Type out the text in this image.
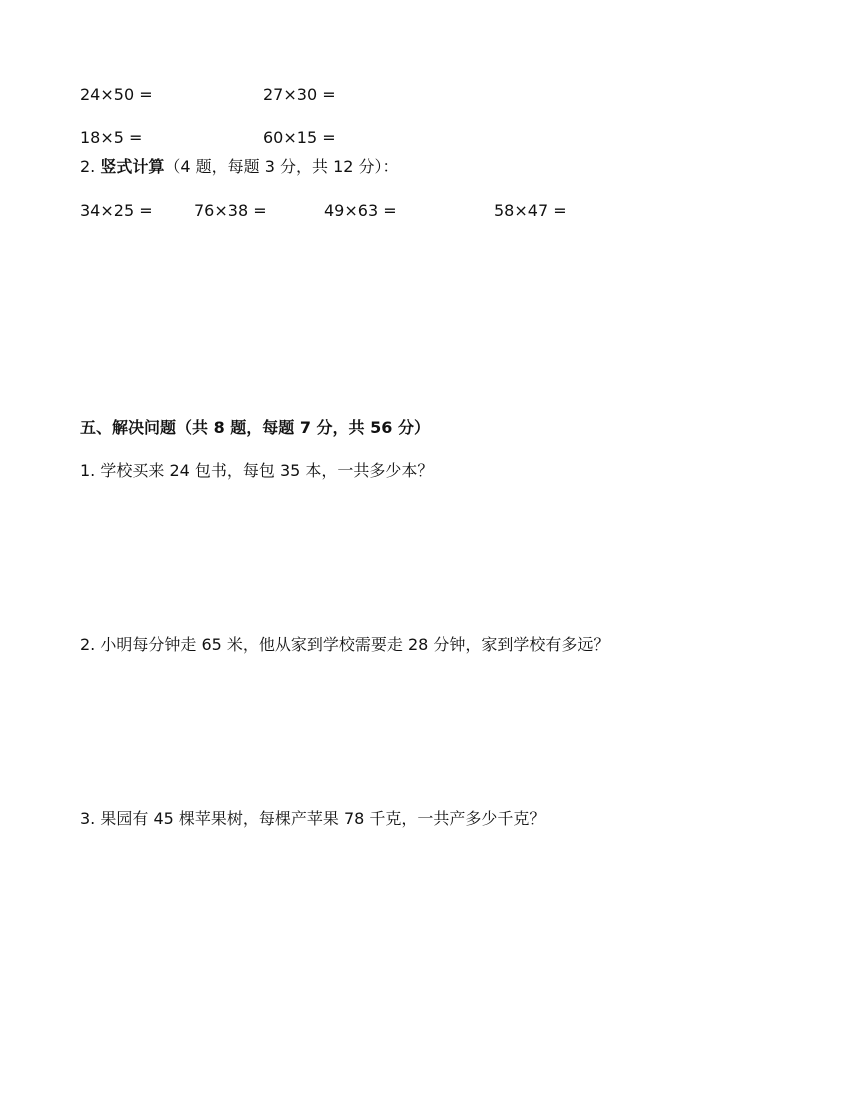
24×50 =	27×30 =
18×5 =	60×15 =
2. 竖式计算（4 题，每题 3 分，共 12 分）：
34×25 =	76×38 =	49×63 =	58×47 =
五、解决问题（共 8 题，每题 7 分，共 56 分）
1. 学校买来 24 包书，每包 35 本，一共多少本？
2. 小明每分钟走 65 米，他从家到学校需要走 28 分钟，家到学校有多远？
3. 果园有 45 棵苹果树，每棵产苹果 78 千克，一共产多少千克？
